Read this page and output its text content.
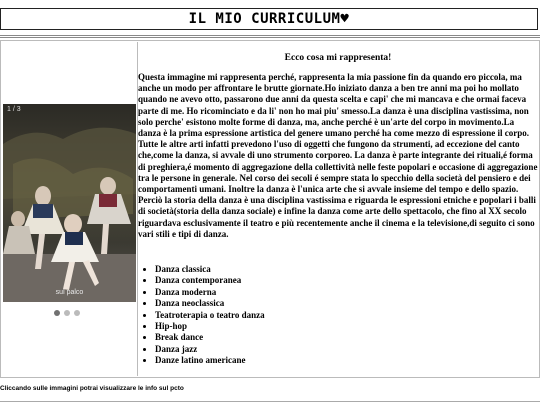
IL MIO CURRICULUM♥
1 / 3
sul palco
Ecco cosa mi rappresenta!

Questa immagine mi rappresenta perché, rappresenta la mia passione fin da quando ero piccola, ma anche un modo per affrontare le brutte giornate.Ho iniziato danza a ben tre anni ma poi ho mollato quando ne avevo otto, passarono due anni da questa scelta e capi' che mi mancava e che ormai faceva parte di me. Ho ricominciato e da li' non ho mai piu' smesso.La danza è una disciplina vastissima, non solo perche' esistono molte forme di danza, ma, anche perché è un'arte del corpo in movimento.La danza è la prima espressione artistica del genere umano perché ha come mezzo di espressione il corpo. Tutte le altre arti infatti prevedono l'uso di oggetti che fungono da strumenti, ad eccezione del canto che,come la danza, si avvale di uno strumento corporeo. La danza è parte integrante dei rituali,é forma di preghiera,é momento di aggregazione della collettività nelle feste popolari e occasione di aggregazione tra le persone in generale. Nel corso dei secoli é sempre stata lo specchio della società del pensiero e dei comportamenti umani. Inoltre la danza è l'unica arte che si avvale insieme del tempo e dello spazio. Perciò la storia della danza è una disciplina vastissima e riguarda le espressioni etniche e popolari i balli di società(storia della danza sociale) e infine la danza come arte dello spettacolo, che fino al XX secolo riguardava esclusivamente il teatro e più recentemente anche il cinema e la televisione,di seguito ci sono vari stili e tipi di danza.

• Danza classica
• Danza contemporanea
• Danza moderna
• Danza neoclassica
• Teatroterapia o teatro danza
• Hip-hop
• Break dance
• Danza jazz
• Danze latino americane
Cliccando sulle immagini potrai visualizzare le info sul pcto
